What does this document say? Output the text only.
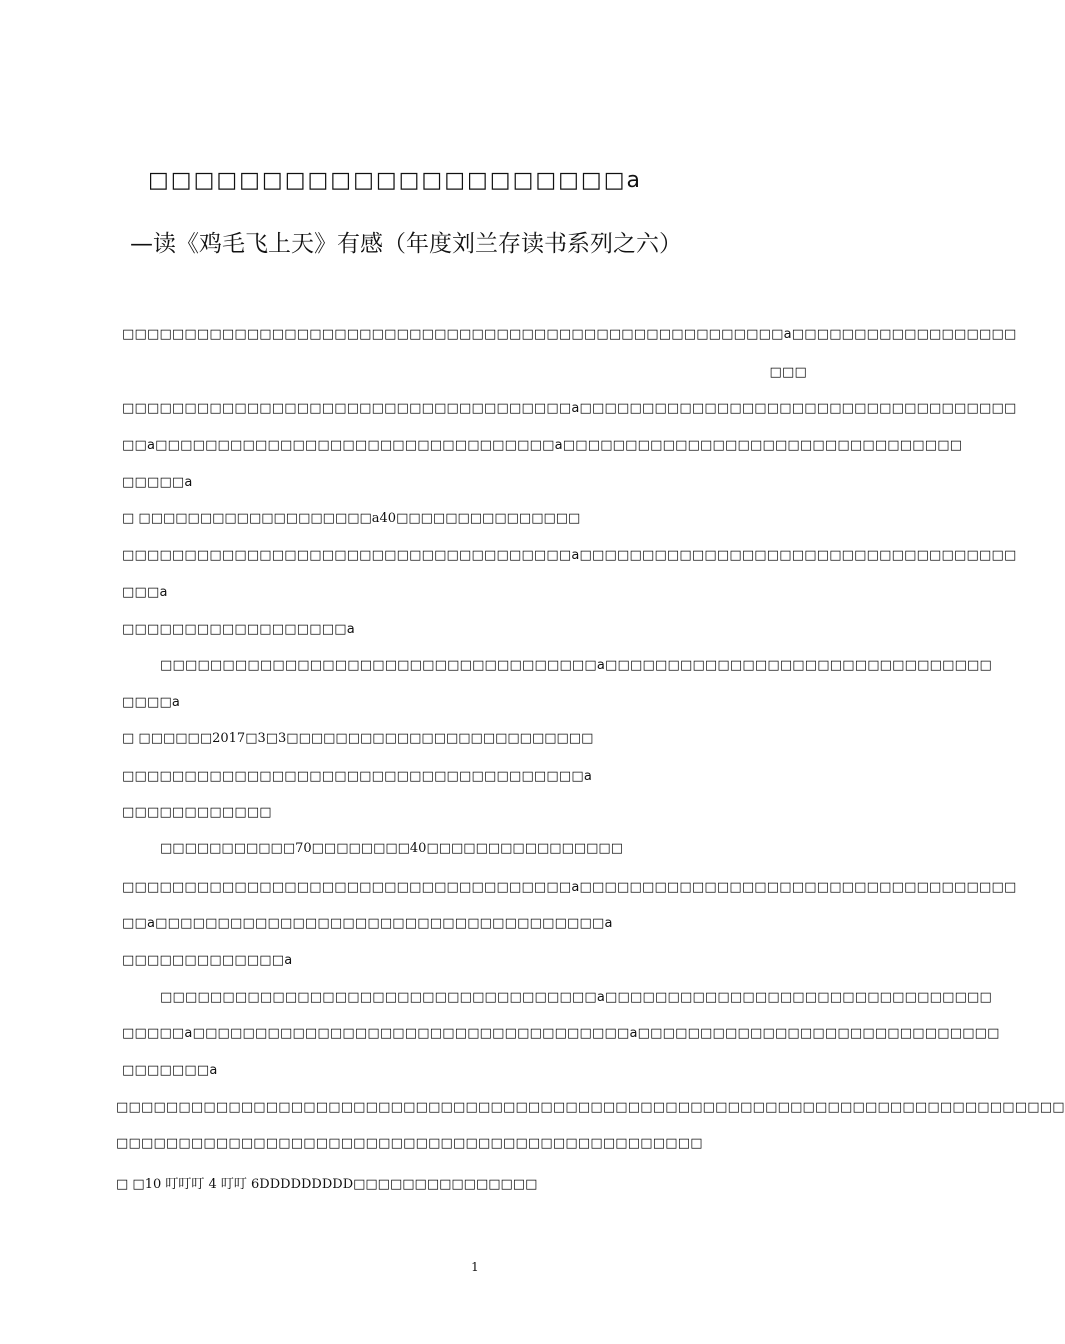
□□□□□□□□□□□□□□□□□□□□□a
—读《鸡毛飞上天》有感（年度刘兰存读书系列之六）
□□□□□□□□□□□□□□□□□□□□□□□□□□□□□□□□□□□□□□□□□□□□□□□□□□□□□a□□□□□□□□□□□□□□□□□□
□□□
□□□□□□□□□□□□□□□□□□□□□□□□□□□□□□□□□□□□a□□□□□□□□□□□□□□□□□□□□□□□□□□□□□□□□□□□
□□a□□□□□□□□□□□□□□□□□□□□□□□□□□□□□□□□a□□□□□□□□□□□□□□□□□□□□□□□□□□□□□□□□
□□□□□a
□ □□□□□□□□□□□□□□□□□□□a40□□□□□□□□□□□□□□□
□□□□□□□□□□□□□□□□□□□□□□□□□□□□□□□□□□□□a□□□□□□□□□□□□□□□□□□□□□□□□□□□□□□□□□□□
□□□a
□□□□□□□□□□□□□□□□□□a
□□□□□□□□□□□□□□□□□□□□□□□□□□□□□□□□□□□a□□□□□□□□□□□□□□□□□□□□□□□□□□□□□□□
□□□□a
□ □□□□□□2017□3□3□□□□□□□□□□□□□□□□□□□□□□□□□
□□□□□□□□□□□□□□□□□□□□□□□□□□□□□□□□□□□□□a
□□□□□□□□□□□□
□□□□□□□□□□□70□□□□□□□□40□□□□□□□□□□□□□□□□
□□□□□□□□□□□□□□□□□□□□□□□□□□□□□□□□□□□□a□□□□□□□□□□□□□□□□□□□□□□□□□□□□□□□□□□□
□□a□□□□□□□□□□□□□□□□□□□□□□□□□□□□□□□□□□□□a
□□□□□□□□□□□□□a
□□□□□□□□□□□□□□□□□□□□□□□□□□□□□□□□□□□a□□□□□□□□□□□□□□□□□□□□□□□□□□□□□□□
□□□□□a□□□□□□□□□□□□□□□□□□□□□□□□□□□□□□□□□□□a□□□□□□□□□□□□□□□□□□□□□□□□□□□□□
□□□□□□□a
□□□□□□□□□□□□□□□□□□□□□□□□□□□□□□□□□□□□□□□□□□□□□□□□□□□□□□□□□□□□□□□□□□□□□□□□□□□□
□□□□□□□□□□□□□□□□□□□□□□□□□□□□□□□□□□□□□□□□□□□□□□□
□ □10 叮叮叮 4 叮叮 6DDDDDDDDD□□□□□□□□□□□□□□□
1
